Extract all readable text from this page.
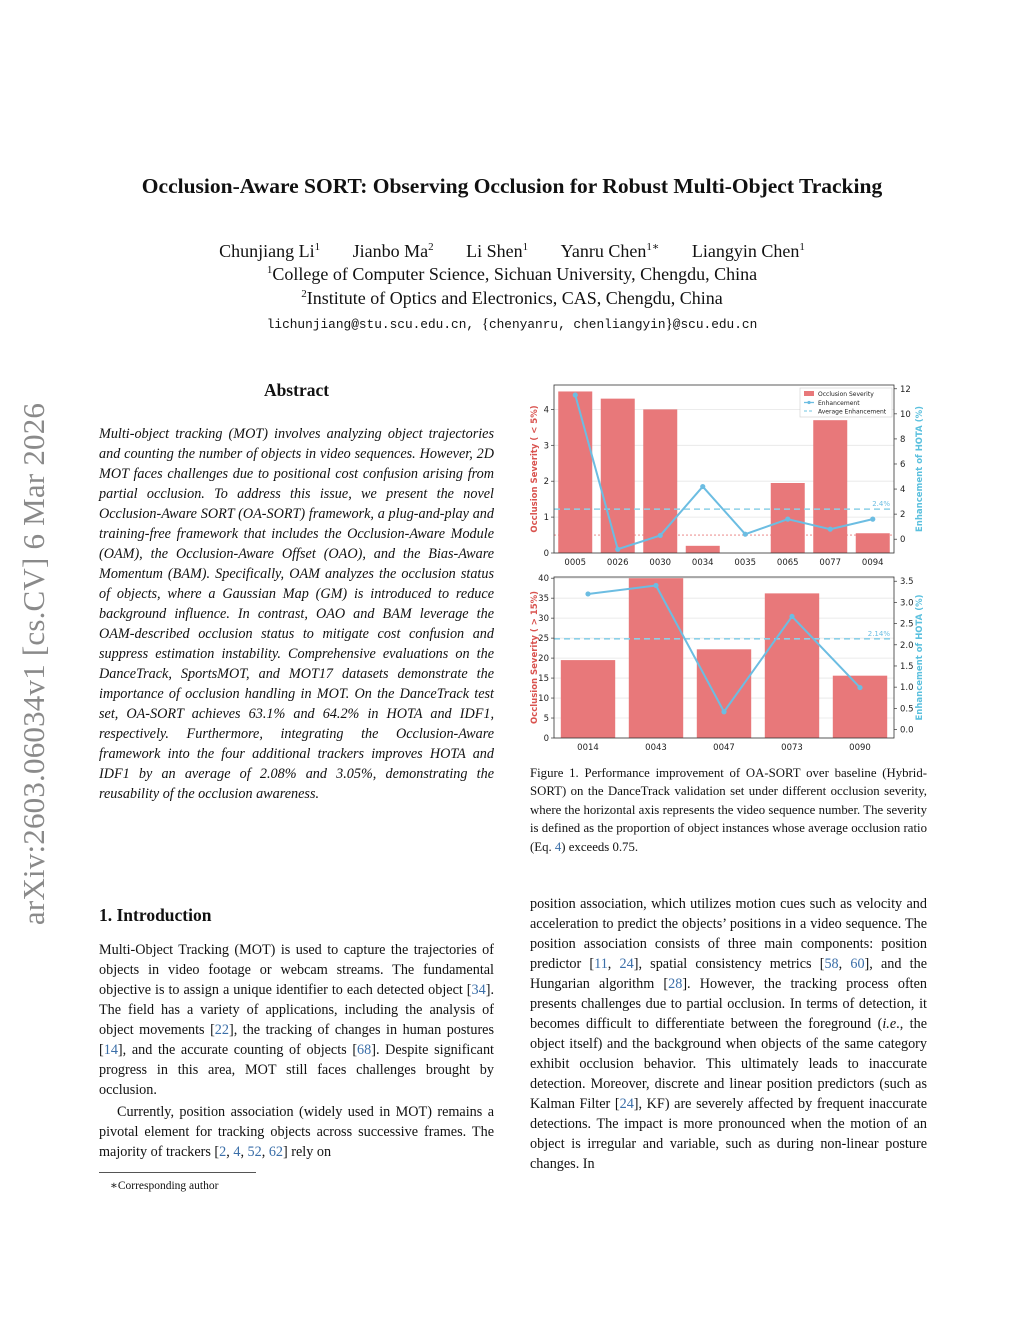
arXiv:2603.06034v1 [cs.CV] 6 Mar 2026
Occlusion-Aware SORT: Observing Occlusion for Robust Multi-Object Tracking
Chunjiang Li$^1$ Jianbo Ma$^2$ Li Shen$^1$ Yanru Chen$^{1∗}$ Liangyin Chen$^1$
$^1$College of Computer Science, Sichuan University, Chengdu, China
$^2$Institute of Optics and Electronics, CAS, Chengdu, China
lichunjiang@stu.scu.edu.cn, {chenyanru, chenliangyin}@scu.edu.cn
Abstract
Multi-object tracking (MOT) involves analyzing object trajectories and counting the number of objects in video sequences. However, 2D MOT faces challenges due to positional cost confusion arising from partial occlusion. To address this issue, we present the novel Occlusion-Aware SORT (OA-SORT) framework, a plug-and-play and training-free framework that includes the Occlusion-Aware Module (OAM), the Occlusion-Aware Offset (OAO), and the Bias-Aware Momentum (BAM). Specifically, OAM analyzes the occlusion status of objects, where a Gaussian Map (GM) is introduced to reduce background influence. In contrast, OAO and BAM leverage the OAM-described occlusion status to mitigate cost confusion and suppress estimation instability. Comprehensive evaluations on the DanceTrack, SportsMOT, and MOT17 datasets demonstrate the importance of occlusion handling in MOT. On the DanceTrack test set, OA-SORT achieves 63.1% and 64.2% in HOTA and IDF1, respectively. Furthermore, integrating the Occlusion-Aware framework into the four additional trackers improves HOTA and IDF1 by an average of 2.08% and 3.05%, demonstrating the reusability of the occlusion awareness.
1. Introduction
Multi-Object Tracking (MOT) is used to capture the trajectories of objects in video footage or webcam streams. The fundamental objective is to assign a unique identifier to each detected object [34]. The field has a variety of applications, including the analysis of object movements [22], the tracking of changes in human postures [14], and the accurate counting of objects [68]. Despite significant progress in this area, MOT still faces challenges brought by occlusion.
Currently, position association (widely used in MOT) remains a pivotal element for tracking objects across successive frames. The majority of trackers [2, 4, 52, 62] rely on
∗Corresponding author
position association, which utilizes motion cues such as velocity and acceleration to predict the objects’ positions in a video sequence. The position association consists of three main components: position predictor [11, 24], spatial consistency metrics [58, 60], and the Hungarian algorithm [28]. However, the tracking process often presents challenges due to partial occlusion. In terms of detection, it becomes difficult to differentiate between the foreground (i.e., the object itself) and the background when objects of the same category exhibit occlusion behavior. This ultimately leads to inaccurate detection. Moreover, discrete and linear position predictors (such as Kalman Filter [24], KF) are severely affected by frequent inaccurate detections. The impact is more pronounced when the motion of an object is irregular and variable, such as during non-linear posture changes. In
2.4%
0
1
2
3
4
0
2
4
6
8
10
12
0005 0026 0030 0034 0035 0065 0077 0094
Occlusion Severity ( < 5%)	Enhancement of HOTA (%)
Occlusion Severity
Enhancement
Average Enhancement
2.14%
0
5
10
15
20
25
30
35
40
0.0
0.5
1.0
1.5
2.0
2.5
3.0
3.5
0014	0043	0047	0073	0090
Occlusion Severity ( > 15%)	Enhancement of HOTA (%)
Figure 1. Performance improvement of OA-SORT over baseline (Hybrid-SORT) on the DanceTrack validation set under different occlusion severity, where the horizontal axis represents the video sequence number. The severity is defined as the proportion of object instances whose average occlusion ratio (Eq. 4) exceeds 0.75.
